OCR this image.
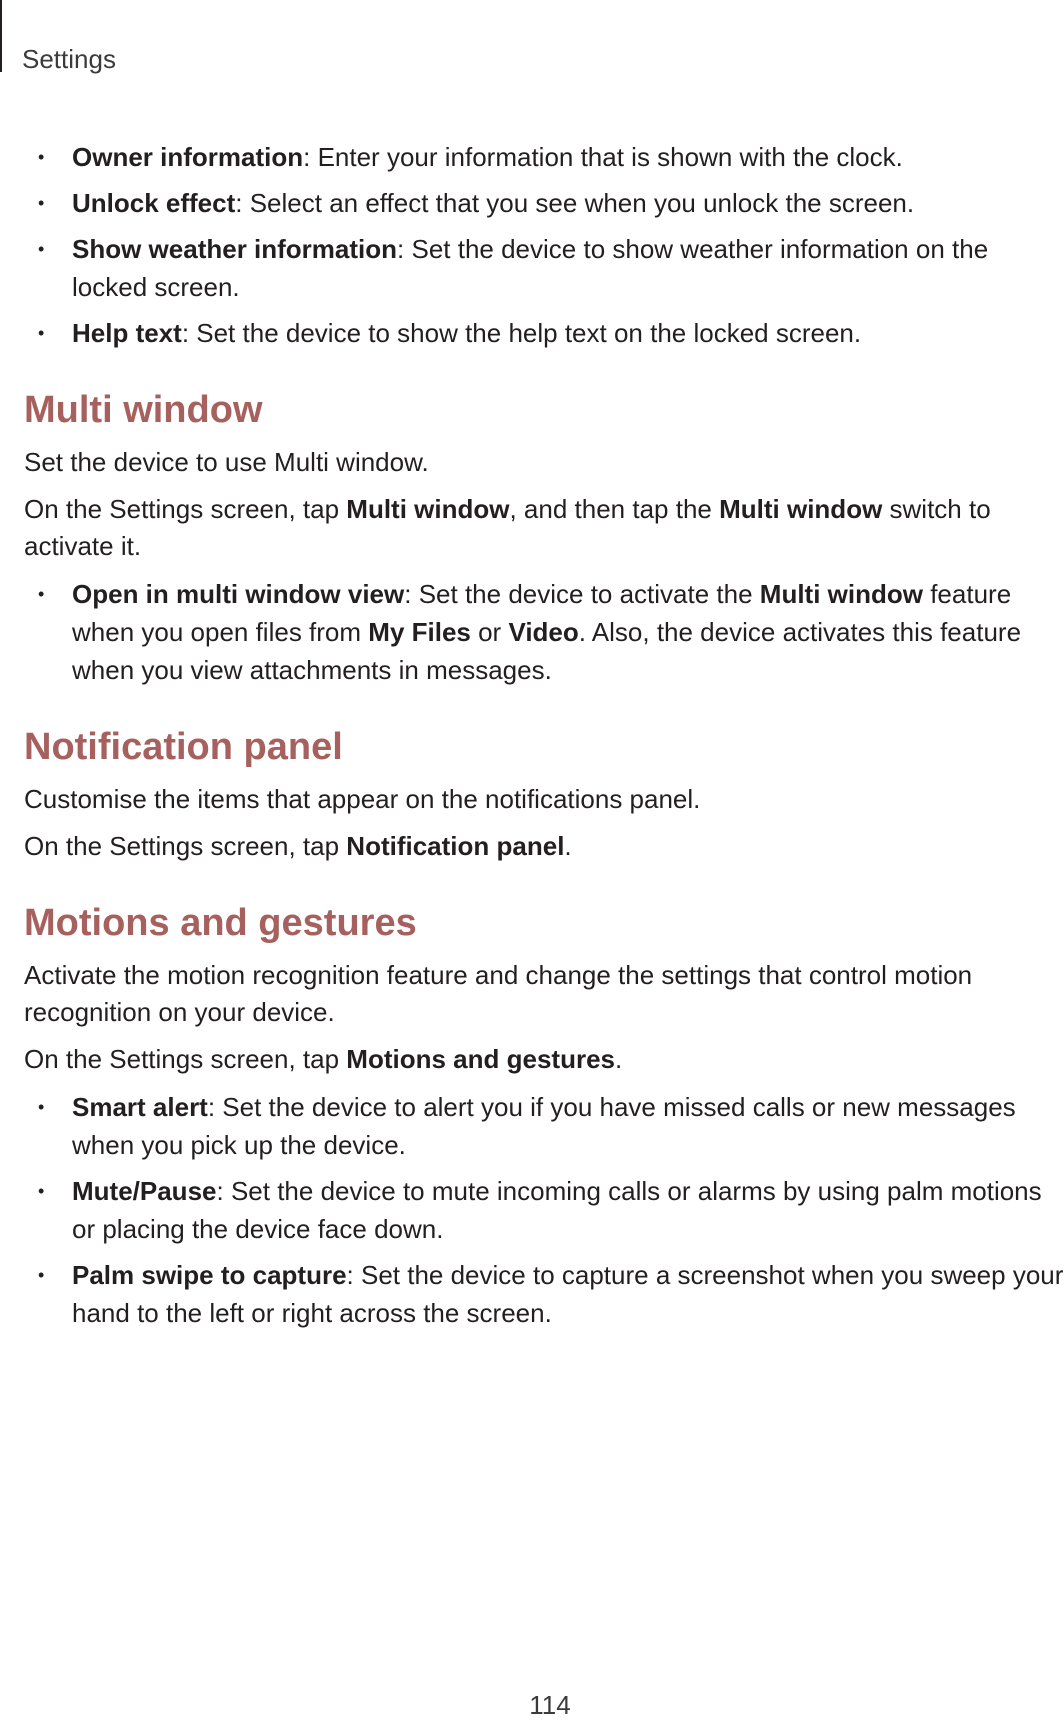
Settings
• Owner information: Enter your information that is shown with the clock.
• Unlock effect: Select an effect that you see when you unlock the screen.
• Show weather information: Set the device to show weather information on the locked screen.
• Help text: Set the device to show the help text on the locked screen.
Multi window

Set the device to use Multi window.

On the Settings screen, tap Multi window, and then tap the Multi window switch to activate it.

• Open in multi window view: Set the device to activate the Multi window feature when you open files from My Files or Video. Also, the device activates this feature when you view attachments in messages.
Notification panel

Customise the items that appear on the notifications panel.

On the Settings screen, tap Notification panel.

Motions and gestures

Activate the motion recognition feature and change the settings that control motion recognition on your device.

On the Settings screen, tap Motions and gestures.

• Smart alert: Set the device to alert you if you have missed calls or new messages when you pick up the device.
• Mute/Pause: Set the device to mute incoming calls or alarms by using palm motions or placing the device face down.
• Palm swipe to capture: Set the device to capture a screenshot when you sweep your hand to the left or right across the screen.
114
